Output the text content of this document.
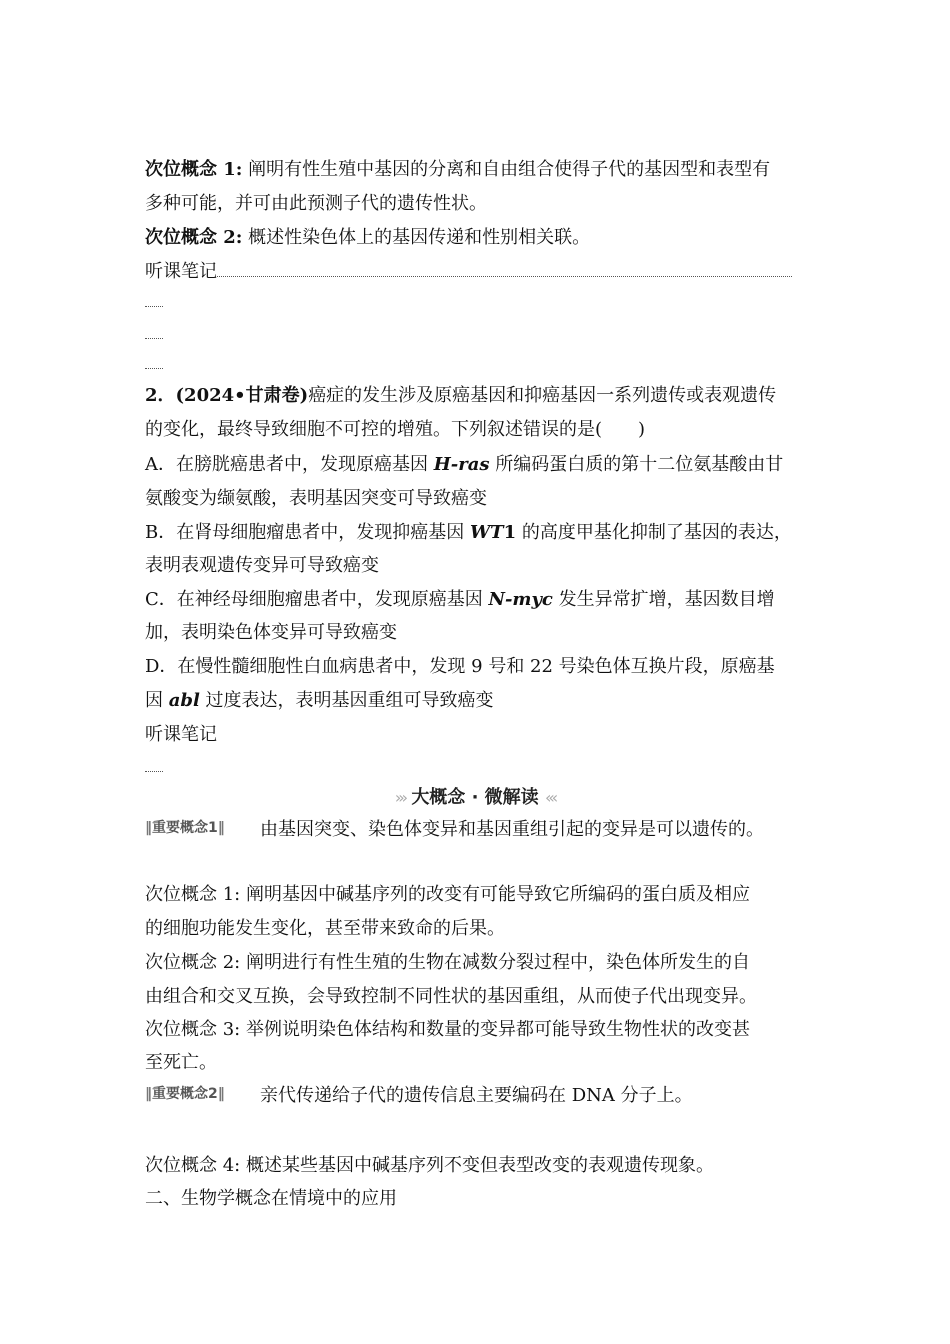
次位概念 1: 阐明有性生殖中基因的分离和自由组合使得子代的基因型和表型有
多种可能，并可由此预测子代的遗传性状。
次位概念 2: 概述性染色体上的基因传递和性别相关联。
听课笔记
2．(2024•甘肃卷)癌症的发生涉及原癌基因和抑癌基因一系列遗传或表观遗传
的变化，最终导致细胞不可控的增殖。下列叙述错误的是(　　)
A．在膀胱癌患者中，发现原癌基因 H-ras 所编码蛋白质的第十二位氨基酸由甘
氨酸变为缬氨酸，表明基因突变可导致癌变
B．在肾母细胞瘤患者中，发现抑癌基因 WT1 的高度甲基化抑制了基因的表达，
表明表观遗传变异可导致癌变
C．在神经母细胞瘤患者中，发现原癌基因 N-myc 发生异常扩增，基因数目增
加，表明染色体变异可导致癌变
D．在慢性髓细胞性白血病患者中，发现 9 号和 22 号染色体互换片段，原癌基
因 abl 过度表达，表明基因重组可导致癌变
听课笔记
››› 大概念 · 微解读 ‹‹‹
‖重要概念1‖ 由基因突变、染色体变异和基因重组引起的变异是可以遗传的。
次位概念 1: 阐明基因中碱基序列的改变有可能导致它所编码的蛋白质及相应
的细胞功能发生变化，甚至带来致命的后果。
次位概念 2: 阐明进行有性生殖的生物在减数分裂过程中，染色体所发生的自
由组合和交叉互换，会导致控制不同性状的基因重组，从而使子代出现变异。
次位概念 3: 举例说明染色体结构和数量的变异都可能导致生物性状的改变甚
至死亡。
‖重要概念2‖ 亲代传递给子代的遗传信息主要编码在 DNA 分子上。
次位概念 4: 概述某些基因中碱基序列不变但表型改变的表观遗传现象。
二、生物学概念在情境中的应用
